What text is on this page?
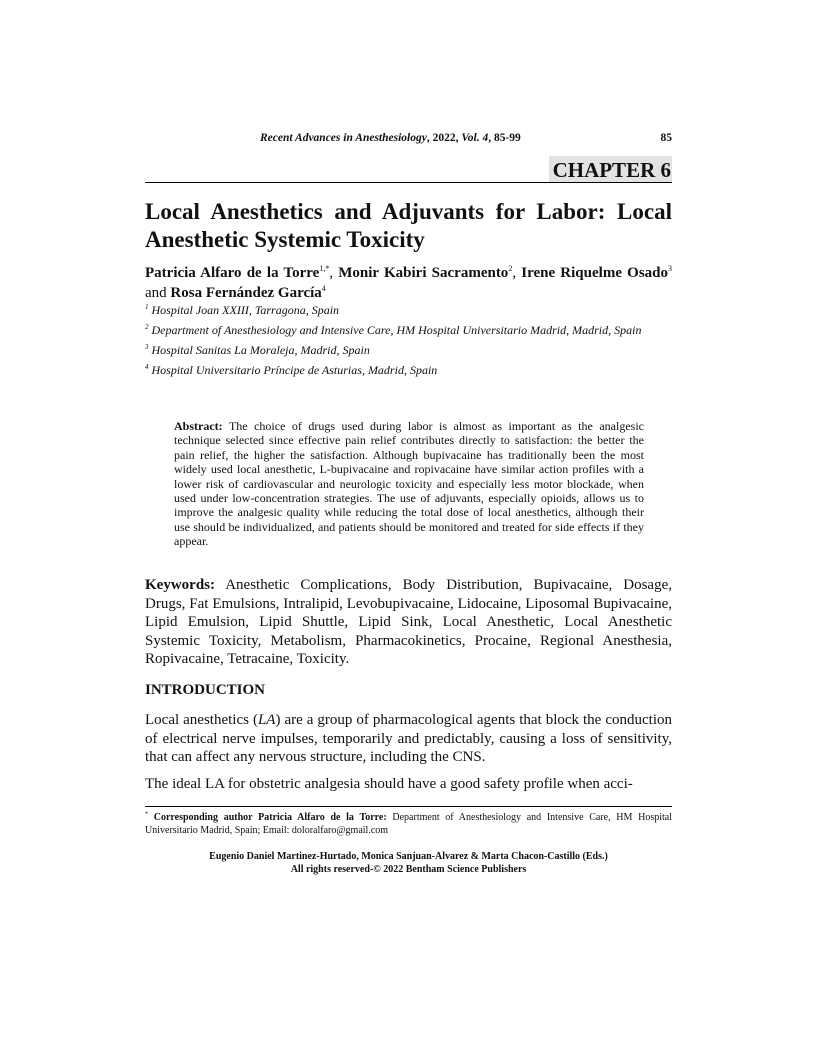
Recent Advances in Anesthesiology, 2022, Vol. 4, 85-99	85
CHAPTER 6
Local Anesthetics and Adjuvants for Labor: Local Anesthetic Systemic Toxicity

Patricia Alfaro de la Torre$^{1,*}$, Monir Kabiri Sacramento$^2$, Irene Riquelme Osado$^3$ and Rosa Fernández García$^4$

$^1$ Hospital Joan XXIII, Tarragona, Spain

$^2$ Department of Anesthesiology and Intensive Care, HM Hospital Universitario Madrid, Madrid, Spain

$^3$ Hospital Sanitas La Moraleja, Madrid, Spain

$^4$ Hospital Universitario Príncipe de Asturias, Madrid, Spain

Abstract: The choice of drugs used during labor is almost as important as the analgesic technique selected since effective pain relief contributes directly to satisfaction: the better the pain relief, the higher the satisfaction. Although bupivacaine has traditionally been the most widely used local anesthetic, L-bupivacaine and ropivacaine have similar action profiles with a lower risk of cardiovascular and neurologic toxicity and especially less motor blockade, when used under low-concentration strategies. The use of adjuvants, especially opioids, allows us to improve the analgesic quality while reducing the total dose of local anesthetics, although their use should be individualized, and patients should be monitored and treated for side effects if they appear.

Keywords: Anesthetic Complications, Body Distribution, Bupivacaine, Dosage, Drugs, Fat Emulsions, Intralipid, Levobupivacaine, Lidocaine, Liposomal Bupivacaine, Lipid Emulsion, Lipid Shuttle, Lipid Sink, Local Anesthetic, Local Anesthetic Systemic Toxicity, Metabolism, Pharmacokinetics, Procaine, Regional Anesthesia, Ropivacaine, Tetracaine, Toxicity.

INTRODUCTION

Local anesthetics (LA) are a group of pharmacological agents that block the conduction of electrical nerve impulses, temporarily and predictably, causing a loss of sensitivity, that can affect any nervous structure, including the CNS.

The ideal LA for obstetric analgesia should have a good safety profile when acci-

* Corresponding author Patricia Alfaro de la Torre: Department of Anesthesiology and Intensive Care, HM Hospital Universitario Madrid, Spain; Email: doloralfaro@gmail.com

Eugenio Daniel Martinez-Hurtado, Monica Sanjuan-Alvarez & Marta Chacon-Castillo (Eds.)
All rights reserved-© 2022 Bentham Science Publishers
